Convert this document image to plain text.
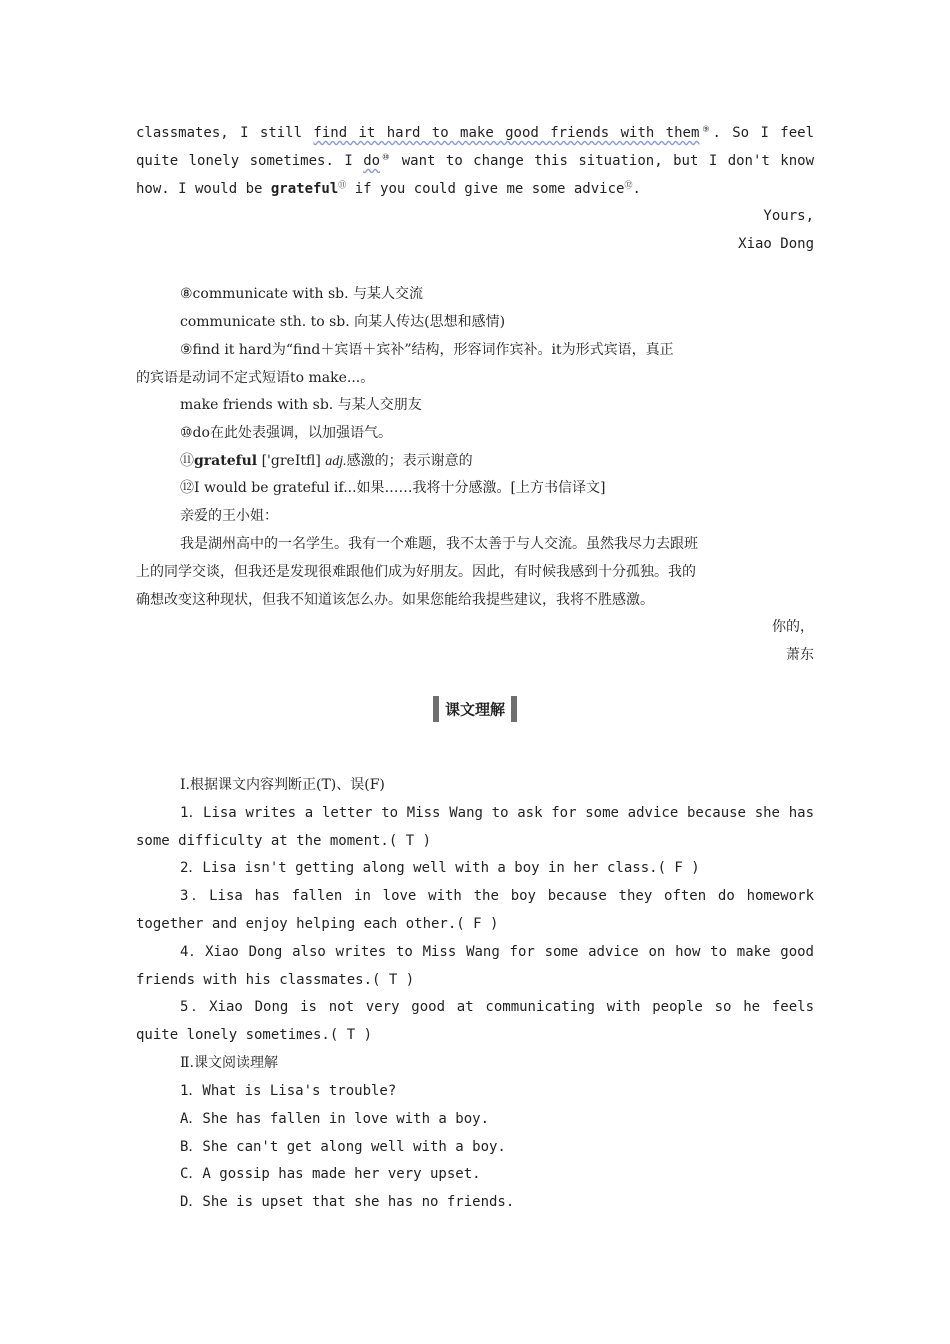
classmates, I still find it hard to make good friends with them⑨. So I feel
quite lonely sometimes. I do⑩ want to change this situation, but I don't know
how. I would be grateful⑪ if you could give me some advice⑫.
Yours,
Xiao Dong
⑧communicate with sb. 与某人交流
communicate sth. to sb. 向某人传达(思想和感情)
⑨find it hard为“find＋宾语＋宾补”结构，形容词作宾补。it为形式宾语，真正
的宾语是动词不定式短语to make...。
make friends with sb. 与某人交朋友
⑩do在此处表强调，以加强语气。
⑪grateful ['greItfl] adj.感激的；表示谢意的
⑫I would be grateful if...如果……我将十分感激。[上方书信译文]
亲爱的王小姐：
我是湖州高中的一名学生。我有一个难题，我不太善于与人交流。虽然我尽力去跟班
上的同学交谈，但我还是发现很难跟他们成为好朋友。因此，有时候我感到十分孤独。我的
确想改变这种现状，但我不知道该怎么办。如果您能给我提些建议，我将不胜感激。
你的，
萧东
课文理解
Ⅰ.根据课文内容判断正(T)、误(F)
1．Lisa writes a letter to Miss Wang to ask for some advice because she has
some difficulty at the moment.( T )
2．Lisa isn't getting along well with a boy in her class.( F )
3．Lisa has fallen in love with the boy because they often do homework
together and enjoy helping each other.( F )
4．Xiao Dong also writes to Miss Wang for some advice on how to make good
friends with his classmates.( T )
5．Xiao Dong is not very good at communicating with people so he feels
quite lonely sometimes.( T )
Ⅱ.课文阅读理解
1．What is Lisa's trouble?
A．She has fallen in love with a boy.
B．She can't get along well with a boy.
C．A gossip has made her very upset.
D．She is upset that she has no friends.
